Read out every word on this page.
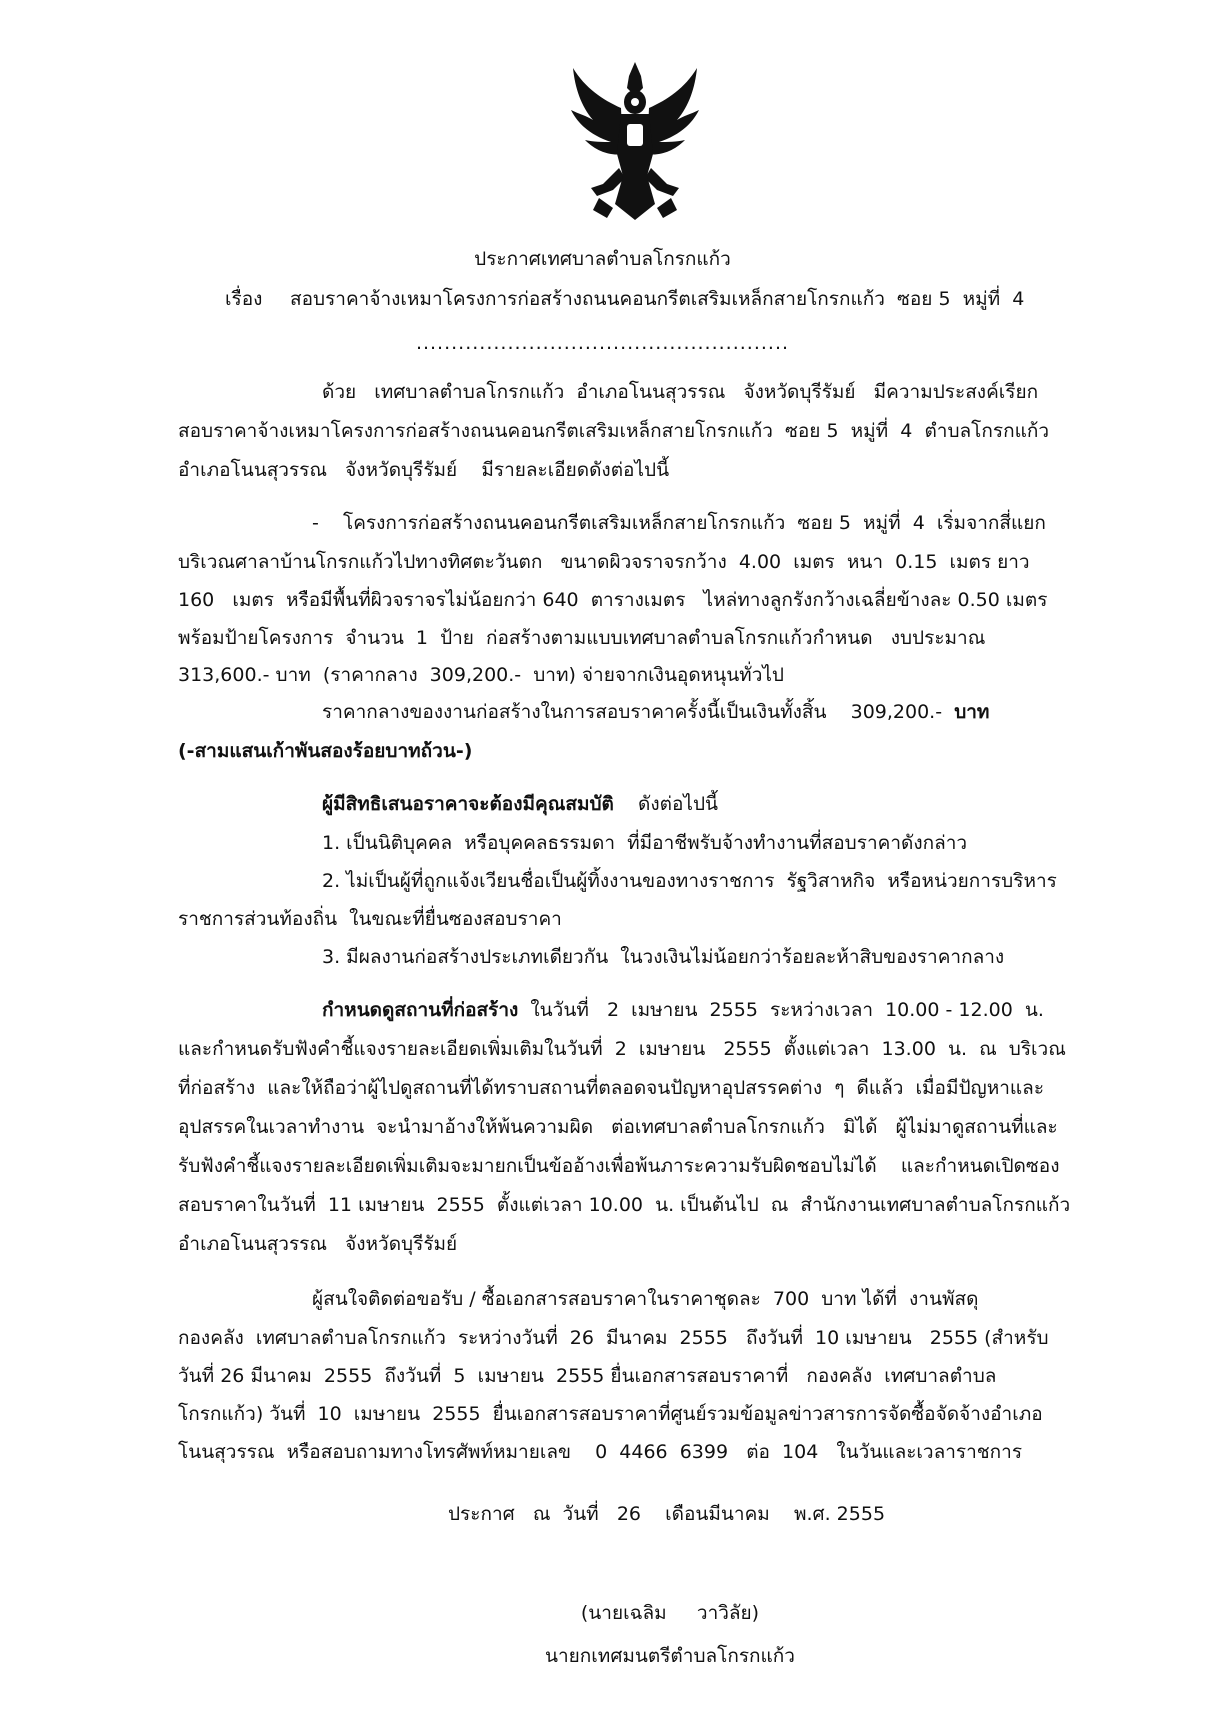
ประกาศเทศบาลตำบลโกรกแก้ว
เรื่อง สอบราคาจ้างเหมาโครงการก่อสร้างถนนคอนกรีตเสริมเหล็กสายโกรกแก้ว  ซอย 5  หมู่ที่  4
.....................................................
ด้วย   เทศบาลตำบลโกรกแก้ว  อำเภอโนนสุวรรณ   จังหวัดบุรีรัมย์   มีความประสงค์เรียก
สอบราคาจ้างเหมาโครงการก่อสร้างถนนคอนกรีตเสริมเหล็กสายโกรกแก้ว  ซอย 5  หมู่ที่  4  ตำบลโกรกแก้ว
อำเภอโนนสุวรรณ   จังหวัดบุรีรัมย์    มีรายละเอียดดังต่อไปนี้
-    โครงการก่อสร้างถนนคอนกรีตเสริมเหล็กสายโกรกแก้ว  ซอย 5  หมู่ที่  4  เริ่มจากสี่แยก
บริเวณศาลาบ้านโกรกแก้วไปทางทิศตะวันตก   ขนาดผิวจราจรกว้าง  4.00  เมตร  หนา  0.15  เมตร ยาว
160   เมตร  หรือมีพื้นที่ผิวจราจรไม่น้อยกว่า 640  ตารางเมตร   ไหล่ทางลูกรังกว้างเฉลี่ยข้างละ 0.50 เมตร
พร้อมป้ายโครงการ  จำนวน  1  ป้าย  ก่อสร้างตามแบบเทศบาลตำบลโกรกแก้วกำหนด   งบประมาณ
313,600.- บาท  (ราคากลาง  309,200.-  บาท) จ่ายจากเงินอุดหนุนทั่วไป
ราคากลางของงานก่อสร้างในการสอบราคาครั้งนี้เป็นเงินทั้งสิ้น    309,200.- บาท
(-สามแสนเก้าพันสองร้อยบาทถ้วน-)
ผู้มีสิทธิเสนอราคาจะต้องมีคุณสมบัติ ดังต่อไปนี้
1. เป็นนิติบุคคล  หรือบุคคลธรรมดา  ที่มีอาชีพรับจ้างทำงานที่สอบราคาดังกล่าว
2. ไม่เป็นผู้ที่ถูกแจ้งเวียนชื่อเป็นผู้ทิ้งงานของทางราชการ  รัฐวิสาหกิจ  หรือหน่วยการบริหาร
ราชการส่วนท้องถิ่น  ในขณะที่ยื่นซองสอบราคา
3. มีผลงานก่อสร้างประเภทเดียวกัน  ในวงเงินไม่น้อยกว่าร้อยละห้าสิบของราคากลาง
กำหนดดูสถานที่ก่อสร้าง ในวันที่   2  เมษายน  2555  ระหว่างเวลา  10.00 - 12.00  น.
และกำหนดรับฟังคำชี้แจงรายละเอียดเพิ่มเติมในวันที่  2  เมษายน   2555  ตั้งแต่เวลา  13.00  น.  ณ  บริเวณ
ที่ก่อสร้าง  และให้ถือว่าผู้ไปดูสถานที่ได้ทราบสถานที่ตลอดจนปัญหาอุปสรรคต่าง  ๆ  ดีแล้ว  เมื่อมีปัญหาและ
อุปสรรคในเวลาทำงาน  จะนำมาอ้างให้พ้นความผิด   ต่อเทศบาลตำบลโกรกแก้ว   มิได้   ผู้ไม่มาดูสถานที่และ
รับฟังคำชี้แจงรายละเอียดเพิ่มเติมจะมายกเป็นข้ออ้างเพื่อพ้นภาระความรับผิดชอบไม่ได้    และกำหนดเปิดซอง
สอบราคาในวันที่  11 เมษายน  2555  ตั้งแต่เวลา 10.00  น. เป็นต้นไป  ณ  สำนักงานเทศบาลตำบลโกรกแก้ว
อำเภอโนนสุวรรณ   จังหวัดบุรีรัมย์
ผู้สนใจติดต่อขอรับ / ซื้อเอกสารสอบราคาในราคาชุดละ  700  บาท ได้ที่  งานพัสดุ
กองคลัง  เทศบาลตำบลโกรกแก้ว  ระหว่างวันที่  26  มีนาคม  2555   ถึงวันที่  10 เมษายน   2555 (สำหรับ
วันที่ 26 มีนาคม  2555  ถึงวันที่  5  เมษายน  2555 ยื่นเอกสารสอบราคาที่   กองคลัง  เทศบาลตำบล
โกรกแก้ว) วันที่  10  เมษายน  2555  ยื่นเอกสารสอบราคาที่ศูนย์รวมข้อมูลข่าวสารการจัดซื้อจัดจ้างอำเภอ
โนนสุวรรณ  หรือสอบถามทางโทรศัพท์หมายเลข    0  4466  6399   ต่อ  104   ในวันและเวลาราชการ
ประกาศ   ณ  วันที่   26    เดือนมีนาคม    พ.ศ. 2555
(นายเฉลิม     วาวิลัย)
นายกเทศมนตรีตำบลโกรกแก้ว
